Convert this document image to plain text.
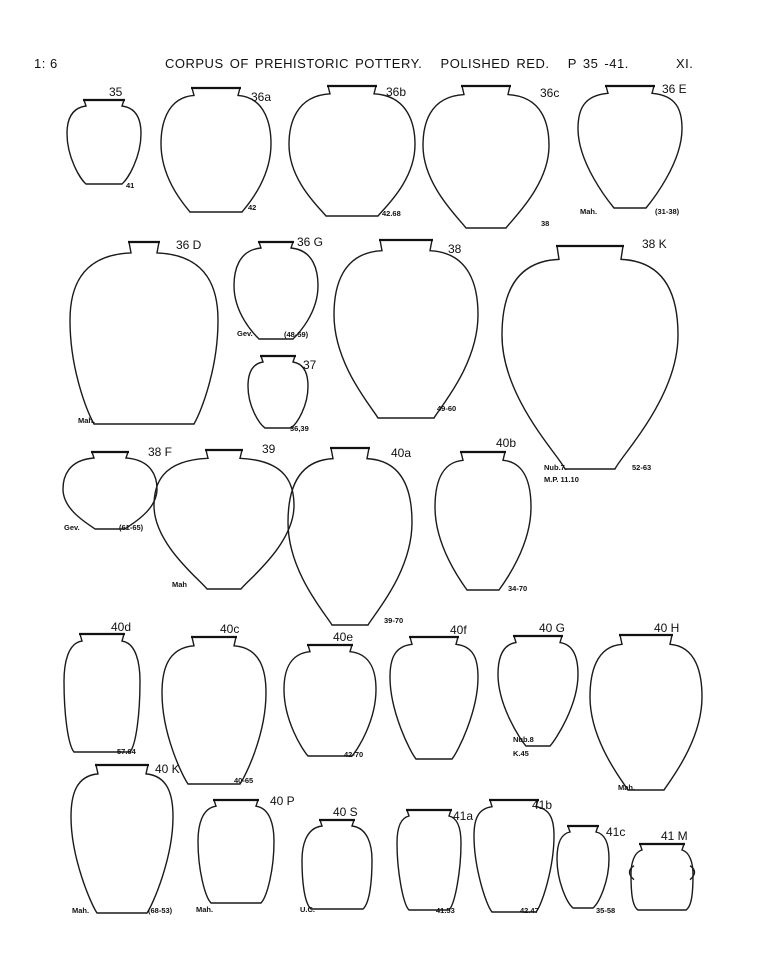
1: 6	CORPUS OF PREHISTORIC POTTERY.   POLISHED RED.   P 35 -41.	XI.
35
41
36a
42
36b
42.68
36c
38
36 E
Mah.	(31-38)
36 D
Mah.
36 G
Gev.	(48-59)
37
36,39
38
49-60
38 K
Nub.7.
M.P. 11.10
52-63
38 F
Gev.	(61-65)
39
Mah
40a
39-70
40b
34-70
40d
57.64
40c
40-65
40e
42-70
40f	40 G
Nub.8
K.45
40 H
Mah.
40 K
Mah.	(68-53)
40 P
Mah.
40 S
U.C.
41a
41.53
41b
42.47
41c
35-58
41 M
